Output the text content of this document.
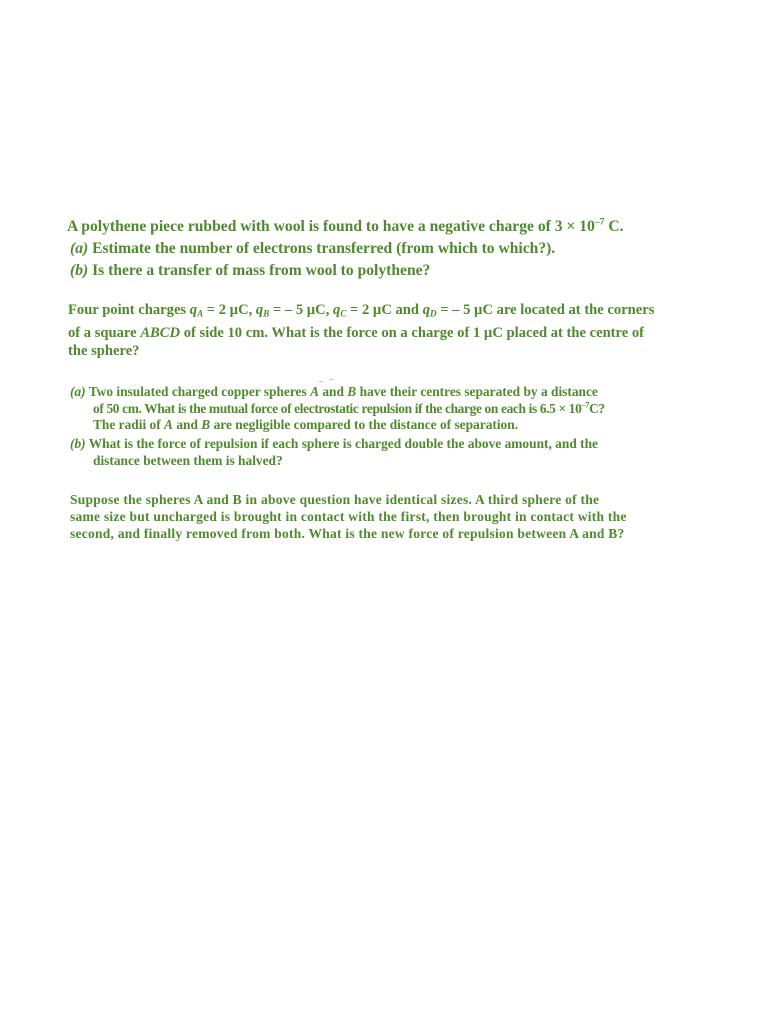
A polythene piece rubbed with wool is found to have a negative charge of $3 \times 10^{-7}$ C.
(a) Estimate the number of electrons transferred (from which to which?).
(b) Is there a transfer of mass from wool to polythene?
Four point charges $q_A = 2$ µC, $q_B$ = – 5 µC, $q_C = 2$ µC and $q_D$ = – 5 µC are located at the corners
of a square ABCD of side 10 cm. What is the force on a charge of 1 µC placed at the centre of
the sphere?
(a) Two insulated charged copper spheres A and B have their centres separated by a distance
of 50 cm. What is the mutual force of electrostatic repulsion if the charge on each is $6.5 \times 10^{-7}C$?
The radii of A and B are negligible compared to the distance of separation.
(b) What is the force of repulsion if each sphere is charged double the above amount, and the
distance between them is halved?
Suppose the spheres A and B in above question have identical sizes. A third sphere of the
same size but uncharged is brought in contact with the first, then brought in contact with the
second, and finally removed from both. What is the new force of repulsion between A and B?
